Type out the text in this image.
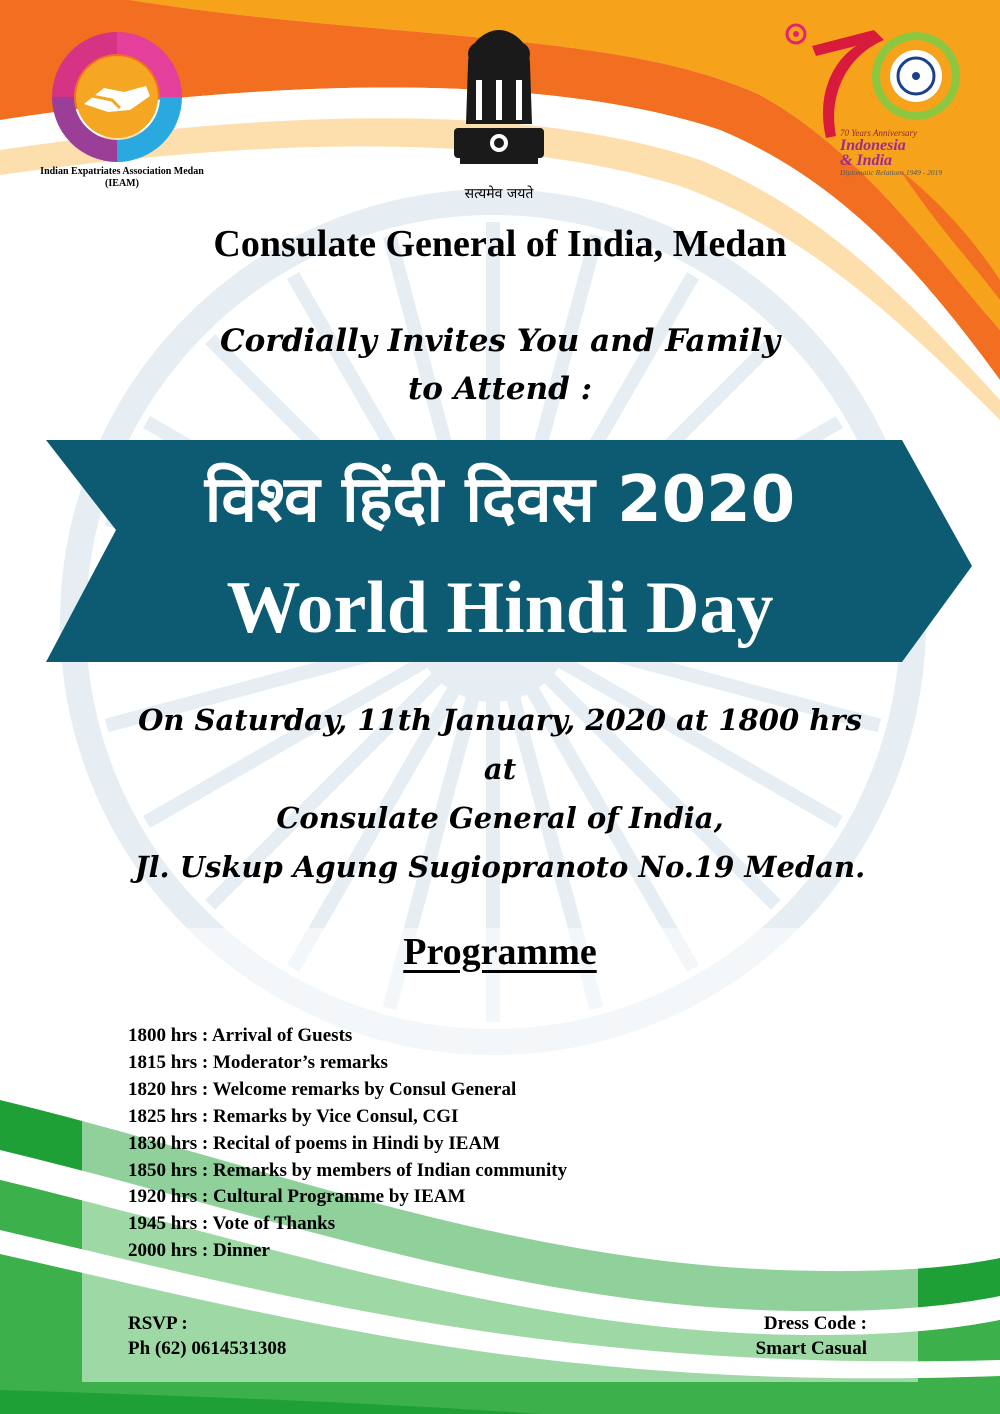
Indian Expatriates Association Medan
(IEAM)
सत्यमेव जयते
70 Years Anniversary
Indonesia
& India
Diplomatic Relations 1949 - 2019
Consulate General of India, Medan
Cordially Invites You and Family
to Attend :
विश्व हिंदी दिवस 2020
World Hindi Day
On Saturday, 11th January, 2020 at 1800 hrs
at
Consulate General of India,
Jl. Uskup Agung Sugiopranoto No.19 Medan.
Programme
1800 hrs : Arrival of Guests
1815 hrs : Moderator’s remarks
1820 hrs : Welcome remarks by Consul General
1825 hrs : Remarks by Vice Consul, CGI
1830 hrs : Recital of poems in Hindi by IEAM
1850 hrs : Remarks by members of Indian community
1920 hrs : Cultural Programme by IEAM
1945 hrs : Vote of Thanks
2000 hrs : Dinner
RSVP :
Ph (62) 0614531308
Dress Code :
Smart Casual
